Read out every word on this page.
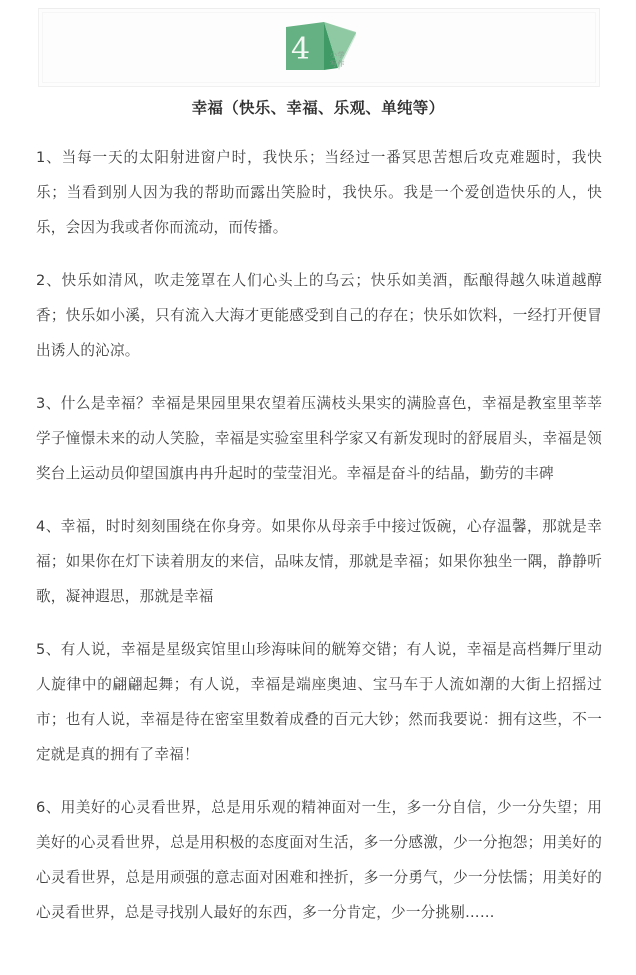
4	小学
写作
幸福（快乐、幸福、乐观、单纯等）

1、当每一天的太阳射进窗户时，我快乐；当经过一番冥思苦想后攻克难题时，我快乐；当看到别人因为我的帮助而露出笑脸时，我快乐。我是一个爱创造快乐的人，快乐，会因为我或者你而流动，而传播。

2、快乐如清风，吹走笼罩在人们心头上的乌云；快乐如美酒，酝酿得越久味道越醇香；快乐如小溪，只有流入大海才更能感受到自己的存在；快乐如饮料，一经打开便冒出诱人的沁凉。

3、什么是幸福？幸福是果园里果农望着压满枝头果实的满脸喜色，幸福是教室里莘莘学子憧憬未来的动人笑脸，幸福是实验室里科学家又有新发现时的舒展眉头，幸福是领奖台上运动员仰望国旗冉冉升起时的莹莹泪光。幸福是奋斗的结晶，勤劳的丰碑

4、幸福，时时刻刻围绕在你身旁。如果你从母亲手中接过饭碗，心存温馨，那就是幸福；如果你在灯下读着朋友的来信，品味友情，那就是幸福；如果你独坐一隅，静静听歌，凝神遐思，那就是幸福

5、有人说，幸福是星级宾馆里山珍海味间的觥筹交错；有人说，幸福是高档舞厅里动人旋律中的翩翩起舞；有人说，幸福是端座奥迪、宝马车于人流如潮的大街上招摇过市；也有人说，幸福是待在密室里数着成叠的百元大钞；然而我要说：拥有这些，不一定就是真的拥有了幸福！

6、用美好的心灵看世界，总是用乐观的精神面对一生，多一分自信，少一分失望；用美好的心灵看世界，总是用积极的态度面对生活，多一分感激，少一分抱怨；用美好的心灵看世界，总是用顽强的意志面对困难和挫折，多一分勇气，少一分怯懦；用美好的心灵看世界，总是寻找别人最好的东西，多一分肯定，少一分挑剔……
